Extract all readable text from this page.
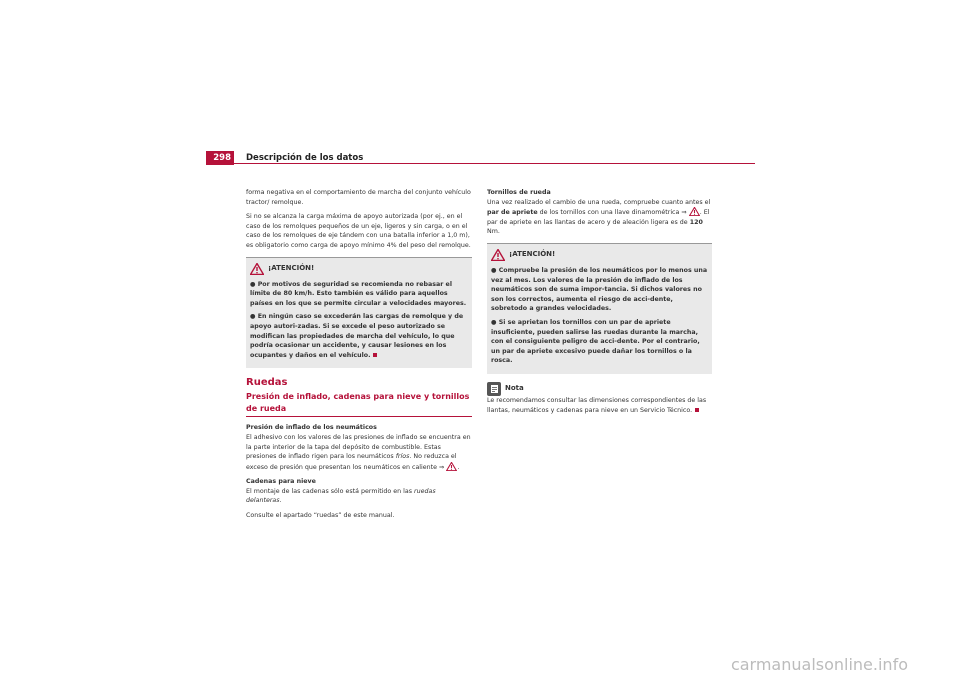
298	Descripción de los datos

forma negativa en el comportamiento de marcha del conjunto vehículo tractor/ remolque.

Si no se alcanza la carga máxima de apoyo autorizada (por ej., en el caso de los remolques pequeños de un eje, ligeros y sin carga, o en el caso de los remolques de eje tándem con una batalla inferior a 1,0 m), es obligatorio como carga de apoyo mínimo 4% del peso del remolque.

¡ATENCIÓN!
● Por motivos de seguridad se recomienda no rebasar el límite de 80 km/h. Esto también es válido para aquellos países en los que se permite circular a velocidades mayores.
● En ningún caso se excederán las cargas de remolque y de apoyo autori-zadas. Si se excede el peso autorizado se modifican las propiedades de marcha del vehículo, lo que podría ocasionar un accidente, y causar lesiones en los ocupantes y daños en el vehículo.
Ruedas
Presión de inflado, cadenas para nieve y tornillos de rueda

Presión de inflado de los neumáticos

El adhesivo con los valores de las presiones de inflado se encuentra en la parte interior de la tapa del depósito de combustible. Estas presiones de inflado rigen para los neumáticos fríos. No reduzca el exceso de presión que presentan los neumáticos en caliente ⇒ .

Cadenas para nieve

El montaje de las cadenas sólo está permitido en las ruedas delanteras.

Consulte el apartado “ruedas” de este manual.

Tornillos de rueda

Una vez realizado el cambio de una rueda, compruebe cuanto antes el par de apriete de los tornillos con una llave dinamométrica ⇒ . El par de apriete en las llantas de acero y de aleación ligera es de 120 Nm.

¡ATENCIÓN!
● Compruebe la presión de los neumáticos por lo menos una vez al mes. Los valores de la presión de inflado de los neumáticos son de suma impor-tancia. Si dichos valores no son los correctos, aumenta el riesgo de acci-dente, sobretodo a grandes velocidades.
● Si se aprietan los tornillos con un par de apriete insuficiente, pueden salirse las ruedas durante la marcha, con el consiguiente peligro de acci-dente. Por el contrario, un par de apriete excesivo puede dañar los tornillos o la rosca.
Nota

Le recomendamos consultar las dimensiones correspondientes de las llantas, neumáticos y cadenas para nieve en un Servicio Técnico.

carmanualsonline.info
